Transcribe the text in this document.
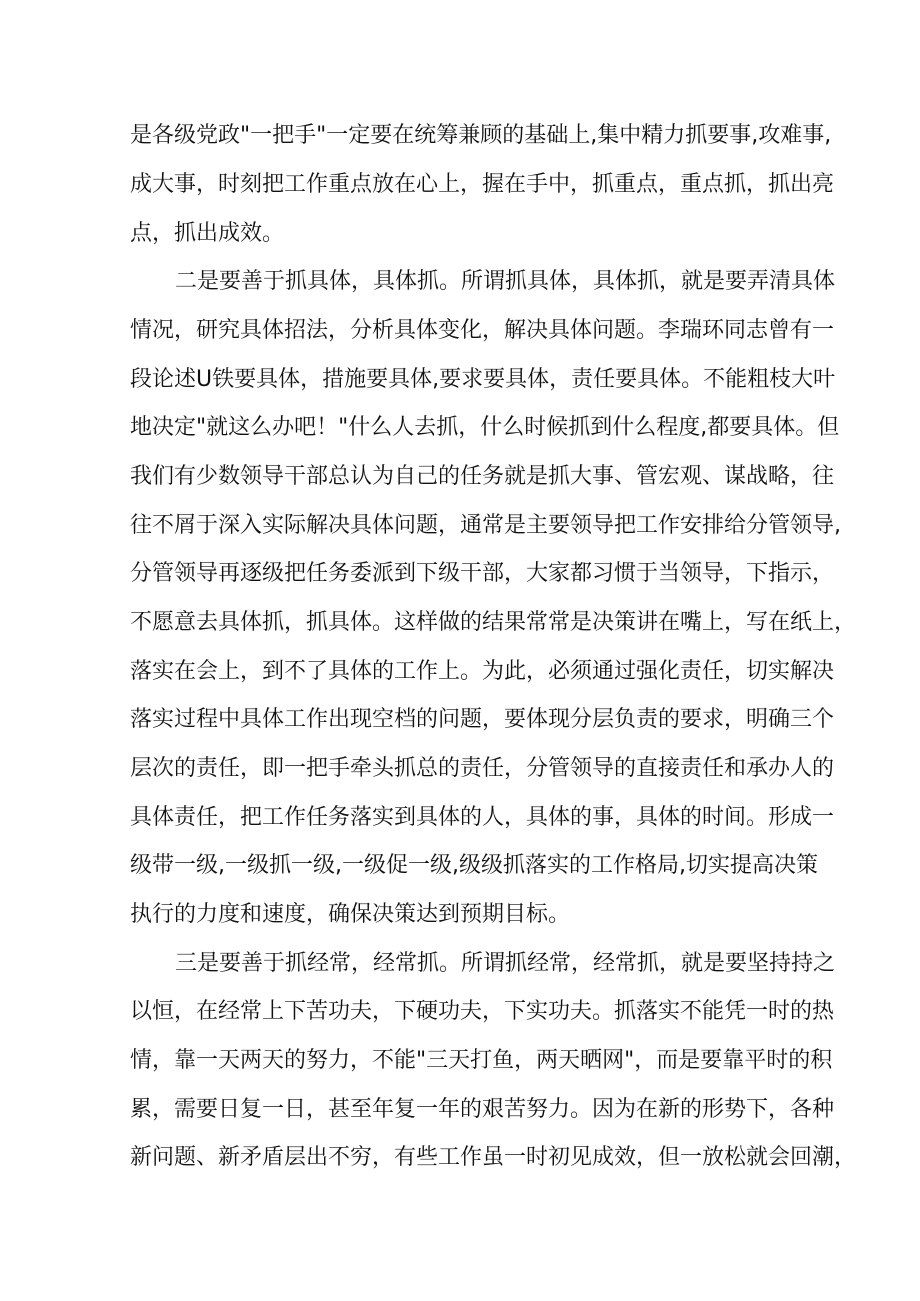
是各级党政"一把手"一定要在统筹兼顾的基础上,集中精力抓要事,攻难事,
成大事，时刻把工作重点放在心上，握在手中，抓重点，重点抓，抓出亮
点，抓出成效。
二是要善于抓具体，具体抓。所谓抓具体，具体抓，就是要弄清具体
情况，研究具体招法，分析具体变化，解决具体问题。李瑞环同志曾有一
段论述U铁要具体，措施要具体,要求要具体，责任要具体。不能粗枝大叶
地决定"就这么办吧！"什么人去抓，什么时候抓到什么程度,都要具体。但
我们有少数领导干部总认为自己的任务就是抓大事、管宏观、谋战略，往
往不屑于深入实际解决具体问题，通常是主要领导把工作安排给分管领导,
分管领导再逐级把任务委派到下级干部，大家都习惯于当领导，下指示，
不愿意去具体抓，抓具体。这样做的结果常常是决策讲在嘴上，写在纸上，
落实在会上，到不了具体的工作上。为此，必须通过强化责任，切实解决
落实过程中具体工作出现空档的问题，要体现分层负责的要求，明确三个
层次的责任，即一把手牵头抓总的责任，分管领导的直接责任和承办人的
具体责任，把工作任务落实到具体的人，具体的事，具体的时间。形成一
级带一级,一级抓一级,一级促一级,级级抓落实的工作格局,切实提高决策
执行的力度和速度，确保决策达到预期目标。
三是要善于抓经常，经常抓。所谓抓经常，经常抓，就是要坚持持之
以恒，在经常上下苦功夫，下硬功夫，下实功夫。抓落实不能凭一时的热
情，靠一天两天的努力，不能"三天打鱼，两天晒网"，而是要靠平时的积
累，需要日复一日，甚至年复一年的艰苦努力。因为在新的形势下，各种
新问题、新矛盾层出不穷，有些工作虽一时初见成效，但一放松就会回潮，
